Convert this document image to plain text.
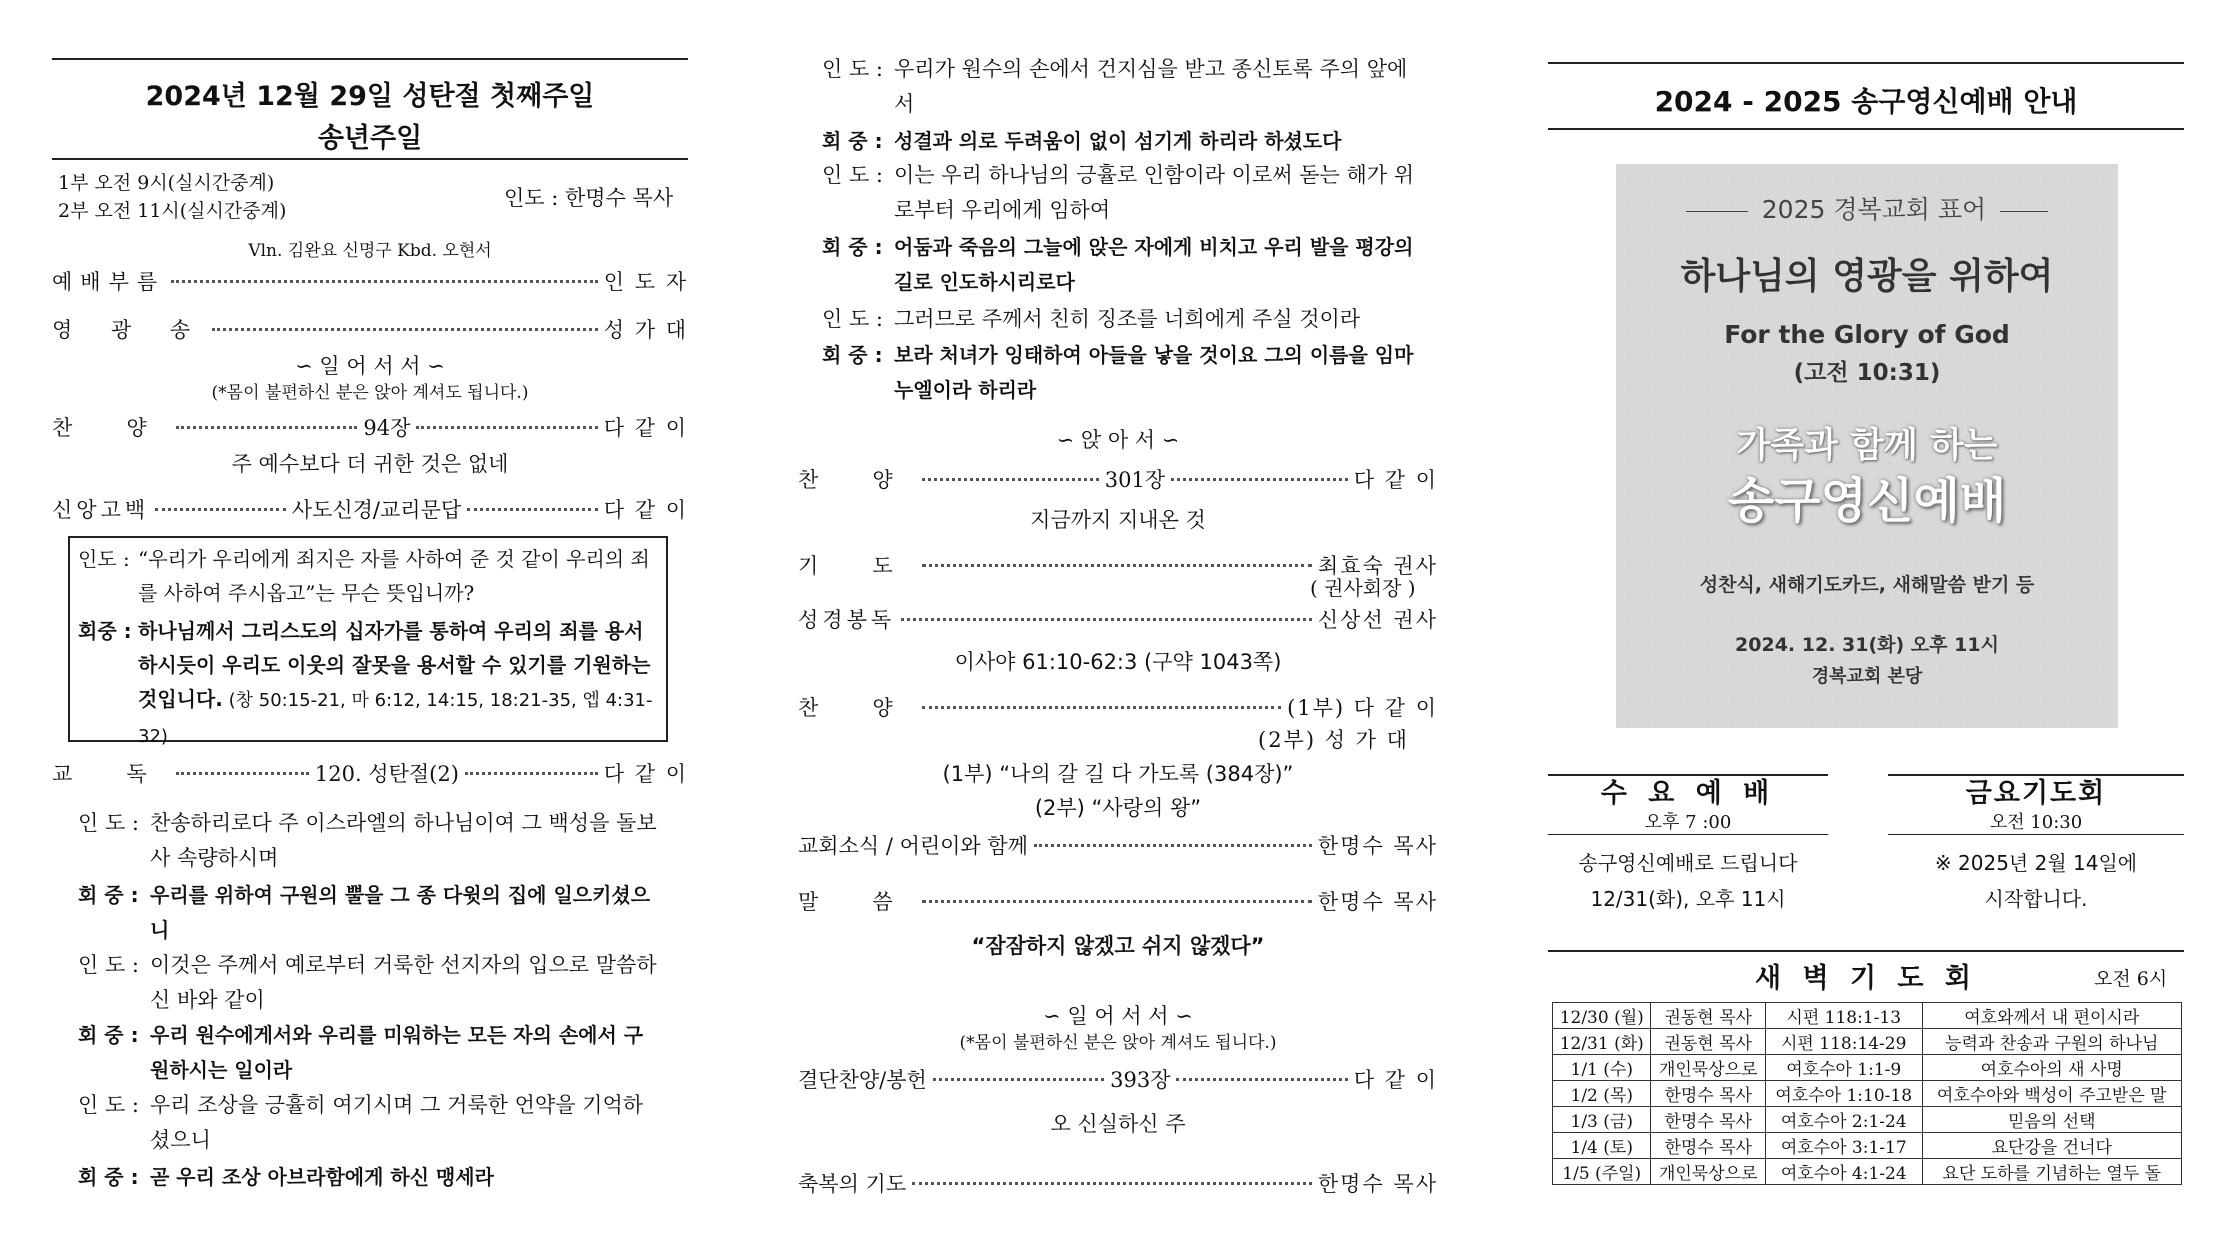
2024년 12월 29일 성탄절 첫째주일
송년주일
1부 오전 9시(실시간중계)
2부 오전 11시(실시간중계)
인도 : 한명수 목사
Vln. 김완요 신명구 Kbd. 오현서
예배부름	인 도 자
영 광 송	성 가 대
∽ 일 어 서 서 ∽
(*몸이 불편하신 분은 앉아 계셔도 됩니다.)
찬      양	94장	다 같 이
주 예수보다 더 귀한 것은 없네
신앙고백	사도신경/교리문답	다 같 이
인도 : “우리가 우리에게 죄지은 자를 사하여 준 것 같이 우리의 죄를 사하여 주시옵고”는 무슨 뜻입니까?
회중 : 하나님께서 그리스도의 십자가를 통하여 우리의 죄를 용서하시듯이 우리도 이웃의 잘못을 용서할 수 있기를 기원하는 것입니다. (창 50:15-21, 마 6:12, 14:15, 18:21-35, 엡 4:31-32)
교      독	120. 성탄절(2)	다 같 이
인 도 : 찬송하리로다 주 이스라엘의 하나님이여 그 백성을 돌보사 속량하시며
회 중 : 우리를 위하여 구원의 뿔을 그 종 다윗의 집에 일으키셨으니
인 도 : 이것은 주께서 예로부터 거룩한 선지자의 입으로 말씀하신 바와 같이
회 중 : 우리 원수에게서와 우리를 미워하는 모든 자의 손에서 구원하시는 일이라
인 도 : 우리 조상을 긍휼히 여기시며 그 거룩한 언약을 기억하셨으니
회 중 : 곧 우리 조상 아브라함에게 하신 맹세라
인 도 : 우리가 원수의 손에서 건지심을 받고 종신토록 주의 앞에서
회 중 : 성결과 의로 두려움이 없이 섬기게 하리라 하셨도다
인 도 : 이는 우리 하나님의 긍휼로 인함이라 이로써 돋는 해가 위로부터 우리에게 임하여
회 중 : 어둠과 죽음의 그늘에 앉은 자에게 비치고 우리 발을 평강의 길로 인도하시리로다
인 도 : 그러므로 주께서 친히 징조를 너희에게 주실 것이라
회 중 : 보라 처녀가 잉태하여 아들을 낳을 것이요 그의 이름을 임마누엘이라 하리라
∽ 앉 아 서 ∽
찬      양	301장	다 같 이
지금까지 지내온 것
기      도	최효숙 권사
( 권사회장 )
성경봉독	신상선 권사
이사야 61:10-62:3 (구약 1043쪽)
찬      양	(1부) 다 같 이
(2부) 성 가 대
(1부) “나의 갈 길 다 가도록 (384장)”
(2부) “사랑의 왕”
교회소식 / 어린이와 함께	한명수 목사
말      씀	한명수 목사
“잠잠하지 않겠고 쉬지 않겠다”
∽ 일 어 서 서 ∽
(*몸이 불편하신 분은 앉아 계셔도 됩니다.)
결단찬양/봉헌	393장	다 같 이
오 신실하신 주
축복의 기도	한명수 목사
2024 - 2025 송구영신예배 안내
2025 경복교회 표어
하나님의 영광을 위하여
For the Glory of God
(고전 10:31)
가족과 함께 하는
송구영신예배
성찬식, 새해기도카드, 새해말씀 받기 등
2024. 12. 31(화) 오후 11시
경복교회 본당
수 요 예 배
오후 7 :00
송구영신예배로 드립니다
12/31(화), 오후 11시
금요기도회
오전 10:30
※ 2025년 2월 14일에
시작합니다.
새 벽 기 도 회	오전 6시
12/30 (월)	권동현 목사	시편 118:1-13	여호와께서 내 편이시라
12/31 (화)	권동현 목사	시편 118:14-29	능력과 찬송과 구원의 하나님
1/1 (수)	개인묵상으로	여호수아 1:1-9	여호수아의 새 사명
1/2 (목)	한명수 목사	여호수아 1:10-18	여호수아와 백성이 주고받은 말
1/3 (금)	한명수 목사	여호수아 2:1-24	믿음의 선택
1/4 (토)	한명수 목사	여호수아 3:1-17	요단강을 건너다
1/5 (주일)	개인묵상으로	여호수아 4:1-24	요단 도하를 기념하는 열두 돌
